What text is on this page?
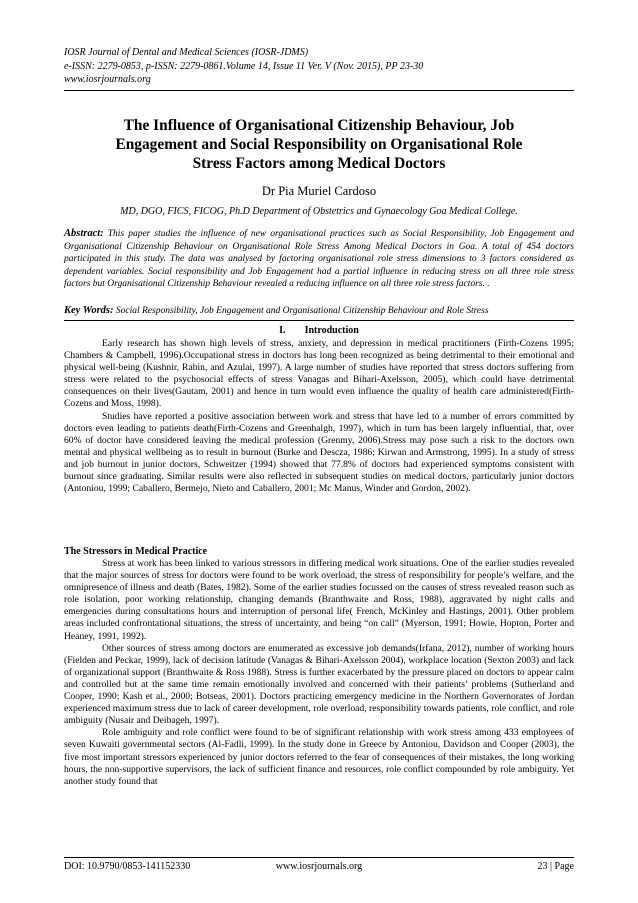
IOSR Journal of Dental and Medical Sciences (IOSR-JDMS)
e-ISSN: 2279-0853, p-ISSN: 2279-0861.Volume 14, Issue 11 Ver. V (Nov. 2015), PP 23-30
www.iosrjournals.org
The Influence of Organisational Citizenship Behaviour, Job
Engagement and Social Responsibility on Organisational Role
Stress Factors among Medical Doctors
Dr Pia Muriel Cardoso
MD, DGO, FICS, FICOG, Ph.D Department of Obstetrics and Gynaecology Goa Medical College.
Abstract: This paper studies the influence of new organisational practices such as Social Responsibility, Job Engagement and Organisational Citizenship Behaviour on Organisational Role Stress Among Medical Doctors in Goa. A total of 454 doctors participated in this study. The data was analysed by factoring organisational role stress dimensions to 3 factors considered as dependent variables. Social responsibility and Job Engagement had a partial influence in reducing stress on all three role stress factors but Organisational Citizenship Behaviour revealed a reducing influence on all three role stress factors. .
Key Words: Social Responsibility, Job Engagement and Organisational Citizenship Behaviour and Role Stress
I. Introduction

Early research has shown high levels of stress, anxiety, and depression in medical practitioners (Firth-Cozens 1995; Chambers & Campbell, 1996).Occupational stress in doctors has long been recognized as being detrimental to their emotional and physical well-being (Kushnir, Rabin, and Azulai, 1997). A large number of studies have reported that stress doctors suffering from stress were related to the psychosocial effects of stress Vanagas and Bihari-Axelsson, 2005), which could have detrimental consequences on their lives(Gautam, 2001) and hence in turn would even influence the quality of health care administered(Firth-Cozens and Moss, 1998).

Studies have reported a positive association between work and stress that have led to a number of errors committed by doctors even leading to patients death(Firth-Cozens and Greenhalgh, 1997), which in turn has been largely influential, that, over 60% of doctor have considered leaving the medical profession (Grenmy, 2006).Stress may pose such a risk to the doctors own mental and physical wellbeing as to result in burnout (Burke and Descza, 1986; Kirwan and Armstrong, 1995). In a study of stress and job burnout in junior doctors, Schweitzer (1994) showed that 77.8% of doctors had experienced symptoms consistent with burnout since graduating. Similar results were also reflected in subsequent studies on medical doctors, particularly junior doctors (Antoniou, 1999; Caballero, Bermejo, Nieto and Caballero, 2001; Mc Manus, Winder and Gordon, 2002).

The Stressors in Medical Practice

Stress at work has been linked to various stressors in differing medical work situations. One of the earlier studies revealed that the major sources of stress for doctors were found to be work overload, the stress of responsibility for people’s welfare, and the omnipresence of illness and death (Bates, 1982). Some of the earlier studies focussed on the causes of stress revealed reason such as role isolation, poor working relationship, changing demands (Branthwaite and Ross, 1988), aggravated by night calls and emergencies during consultations hours and interruption of personal life( French, McKinley and Hastings, 2001). Other problem areas included confrontational situations, the stress of uncertainty, and being “on call” (Myerson, 1991; Howie, Hopton, Porter and Heaney, 1991, 1992).

Other sources of stress among doctors are enumerated as excessive job demands(Irfana, 2012), number of working hours (Fielden and Peckar, 1999), lack of decision latitude (Vanagas & Bihari-Axelsson 2004), workplace location (Sexton 2003) and lack of organizational support (Branthwaite & Ross 1988). Stress is further exacerbated by the pressure placed on doctors to appear calm and controlled but at the same time remain emotionally involved and concerned with their patients’ problems (Sutherland and Cooper, 1990; Kash et al., 2000; Botseas, 2001). Doctors practicing emergency medicine in the Northern Governorates of Jordan experienced maximum stress due to lack of career development, role overload, responsibility towards patients, role conflict, and role ambiguity (Nusair and Deibageh, 1997).

Role ambiguity and role conflict were found to be of significant relationship with work stress among 433 employees of seven Kuwaiti governmental sectors (Al-Fadli, 1999). In the study done in Greece by Antoniou, Davidson and Cooper (2003), the five most important stressors experienced by junior doctors referred to the fear of consequences of their mistakes, the long working hours, the non-supportive supervisors, the lack of sufficient finance and resources, role conflict compounded by role ambiguity. Yet another study found that

DOI: 10.9790/0853-141152330	www.iosrjournals.org	23 | Page
